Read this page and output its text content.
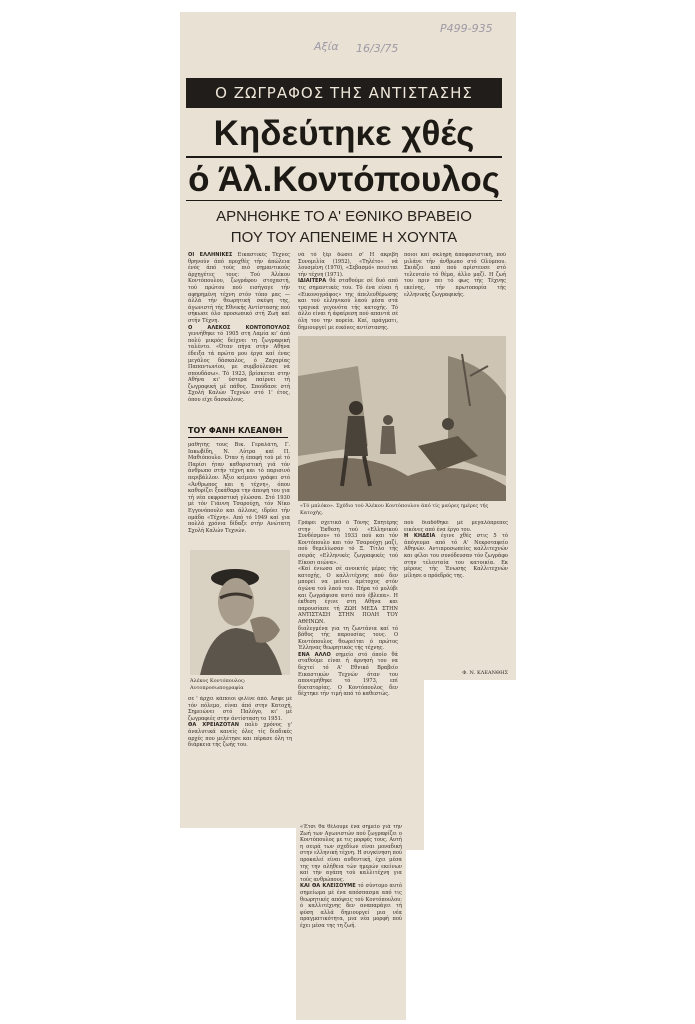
Αξία 16/3/75
Ρ499-935
Ο ΖΩΓΡΑΦΟΣ ΤΗΣ ΑΝΤΙΣΤΑΣΗΣ
Κηδεύτηκε χθές
ό Άλ.Κοντόπουλος
ΑΡΝΗΘΗΚΕ ΤΟ Α' ΕΘΝΙΚΟ ΒΡΑΒΕΙΟ
ΠΟΥ ΤΟΥ ΑΠΕΝΕΙΜΕ Η ΧΟΥΝΤΑ
ΟΙ ΕΛΛΗΝΙΚΕΣ Εικαστικές Τέχνες θρηνούν άπό προχθές τήν άπώλεια ένός άπό τούς πιό σημαντικούς άρχηγέτες τους: Τού Άλέκου Κοντόπουλου, ζωγράφου στοχαστή, τού πρώτου πού εισήγαγε τήν αφηρημένη τέχνη στόν τόπο μας — άλλά τήν θεωρητική σκέψη της, άγωνιστή τής Εθνικής Αντίστασης πού σήκωσε όλο προσωπικό στή Ζωή καί στήν Τέχνη.
Ο ΑΛΕΚΟΣ ΚΟΝΤΟΠΟΥΛΟΣ γεννήθηκε τό 1905 στη Λαμία κι' άπό πολύ μικρός δείχνει τη ζωγραφική ταλέντο. «Όταν πήγα στήν Αθήνα έδειξα τά πρώτα μου έργα καί ένας μεγάλος δάσκαλος, ό Ζαχαρίας Παπαντωνίου, με συμβούλευσε νά σπουδάσω». Τό 1923, βρίσκεται στην Αθήνα κι' ύστερα παίρνει τή ζωγραφική μέ πάθος. Σπούδασε στή Σχολή Καλών Τεχνών στό 1' έτος, όπου είχε δασκάλους.
ΤΟΥ ΦΑΝΗ ΚΛΕΑΝΘΗ
μαθητής τους Βικ. Γεραλάτη, Γ. Ιακωβίδη, Ν. Λύτρα καί Π. Μαθιόπουλο. Όταν ή έπαφή τού μέ τό Παρίσι ήταν καθοριστική γιά τόν άνθρωπο στήν τέχνη και τό παρισινό περιβάλλον. Άξιο κείμενο γράφει στό «Άνθρωπος και η τέχνη», όπου καθορίζει ξεκάθαρα την άποψή του για τή νέα εκφραστική γλώσσα. Στό 1930 μέ τόν Γιάννη Τσαρούχη, τόν Νίκο Εγγονόπουλο και άλλους, ιδρύει τήν ομάδα «Τέχνη». Από τό 1949 καί για πολλά χρόνια δίδαξε στήν Ανώτατη Σχολή Καλών Τεχνών.
Άλέκος Κοντόπουλος: Αυτοπροσωπογραφία
σε ' άρχει κάποιοι φιλίνε άπό. Άσφε μέ τόν πόλεμο, είναι άπό στην Κατοχή, Σημειώνει στό Παλόγο, κι' μέ ζωγραφιές στην άντίσταση το 1951.
ΘΑ ΧΡΕΙΑΖΟΤΑΝ πολύ χρόνος γ' άναλυτικά κανείς όλες τίς διαδικές αρχές που μελέτησε και πέρασε όλη τη διάρκεια τής ζωής του.
νά τό ξέρ δώσει σ' Η ακριβή Συνομιλία (1952), «Τηλέτο» νά λουσμένη (1970), «Σεβασμό» ποιείται τήν τέχνη (1971).
ΙΔΙΑΙΤΕΡΑ θά σταθούμε σέ δυό από τις σημαντικές του. Τό ένα είναι ή «Εικονογράφος» της άπελευθέρωσης και τού ελληνικού λαού μέσα στά τραγικά γεγονότα τής κατοχής. Τό άλλο είναι ή άφαίρεση πού απαντά σέ όλη του την πορεία. Καί, πράγματι, δημιουργεί με εικόνες αντίστασης.
ποιοι καί σκληρή άποφασιστική, πού μιλάνε τήν άνθρωπο στό Ολύμπου. Σκιάζει από πού αρίστευσε στό τελευταίο τό θέμα, άλλο μαζί. Η ζωή του πριν πει τό φως τής Τέχνης εκείνης, τήν πρωτοπορία τής ελληνικής ζωγραφικής.
«Τό μπλόκο». Σχέδιο τού Άλέκου Κοντόπουλου άπό τίς μαύρες ημέρες τής Κατοχής.
Γράφει σχετικά ό Τόνης Σπητέρης στην Έκθεση τού «Ελληνικού Συνδέσμου» τό 1933 πού και τόν Κοντόπουλο και τόν Τσαρούχη μαζί, πού θεμελίωσαν τό Ξ. Τίτλο τής σειράς «Ελληνικές ζωγραφικές τού Είκοσι αιώνα».
«Καί ένιωσα σέ ανοικτές μέρες τής κατοχής, Ο καλλιτέχνης πού δεν μπορεί να μείνει άμέτοχος στόν άγώνα τού λαού του. Πήρα τό μολύβι και ζωγράφισα αυτό πού έβλεπα». Η έκθεση έγινε στη Αθήνα και παρουσίασε τή ΖΩΗ ΜΕΣΑ ΣΤΗΝ ΑΝΤΙΣΤΑΣΗ ΣΤΗΝ ΠΟΛΗ ΤΟΥ ΑΘΗΝΩΝ.
διαλεγμένα για τη ζωντάνια καί τό βάθος τής παρουσίας τους. Ο Κοντόπουλος θεωρείται ό πρώτος Έλληνας θεωρητικός τής τέχνης.
ΕΝΑ ΑΛΛΟ σημείο στό όποίο θά σταθούμε είναι ή άρνησή του να δεχτεί τό Α' Εθνικό Βραβείο Εικαστικών Τεχνών όταν του απονεμήθηκε τό 1973, επί δικτατορίας. Ο Κοντόπουλος δεν δέχτηκε τήν τιμή από τό καθεστώς.
πού διαδόθηκε μέ μεγαλόπρεπες εικόνες από ένα έργο του.
Η ΚΗΔΕΙΑ έγινε χθές στις 5 τό άπόγευμα από τό Α' Νεκροταφείο Αθηνών. Αντιπροσωπείες καλλιτεχνών και φίλοι του συνόδευσαν τόν ζωγράφο στην τελευταία του κατοικία. Εκ μέρους τής Ένωσης Καλλιτεχνών μίλησε ο πρόεδρός της.
Φ. Ν. ΚΛΕΑΝΘΗΣ
«Έτσι θα θέλουμε ένα σημείο γιά τήν Ζωή των Αγωνιστών πού ζωγραφίζει ο Κοντόπουλος με τις μορφές τους. Αυτή η σειρά των σχεδίων είναι μοναδική στην ελληνική τέχνη. Η συγκίνηση πού προκαλεί είναι αυθεντική, έχει μέσα της την αλήθεια τών ημερών εκείνων καί τήν αγάπη τού καλλιτέχνη για τούς ανθρώπους.
ΚΑΙ ΘΑ ΚΛΕΙΣΟΥΜΕ τό σύντομο αυτό σημείωμα μέ ένα απόσπασμα από τις θεωρητικές απόψεις τού Κοντόπουλου: ό καλλιτέχνης δεν αναπαράγει τή φύση αλλά δημιουργεί μια νέα πραγματικότητα, μια νέα μορφή πού έχει μέσα της τη ζωή.
